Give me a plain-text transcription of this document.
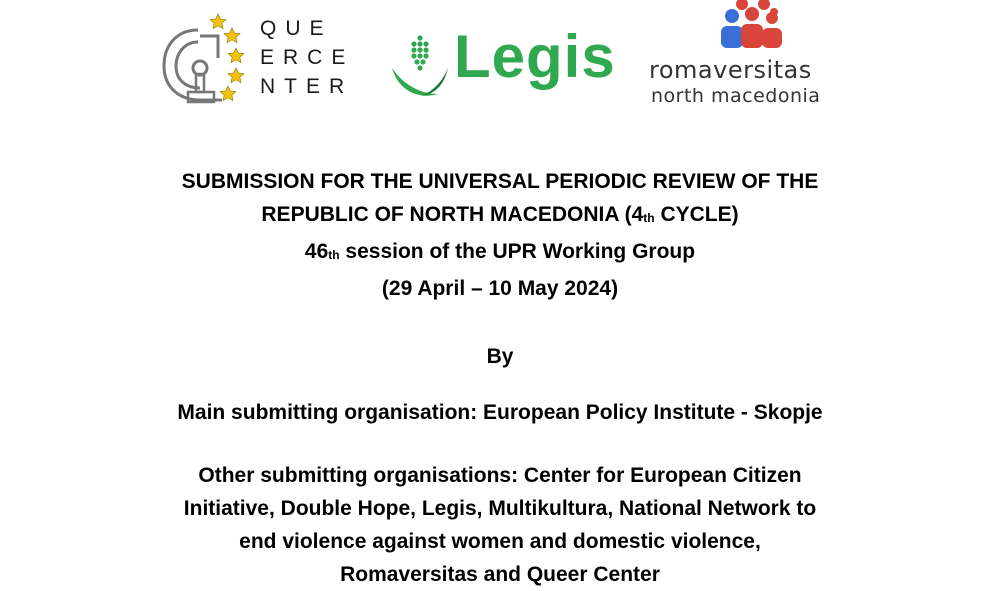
QUE
ERCE
NTER Legis romaversitas
north macedonia
SUBMISSION FOR THE UNIVERSAL PERIODIC REVIEW OF THE
REPUBLIC OF NORTH MACEDONIA ($4_{th}$ CYCLE)
$46_{th}$ session of the UPR Working Group
(29 April – 10 May 2024)
By
Main submitting organisation: European Policy Institute - Skopje
Other submitting organisations: Center for European Citizen
Initiative, Double Hope, Legis, Multikultura, National Network to
end violence against women and domestic violence,
Romaversitas and Queer Center
